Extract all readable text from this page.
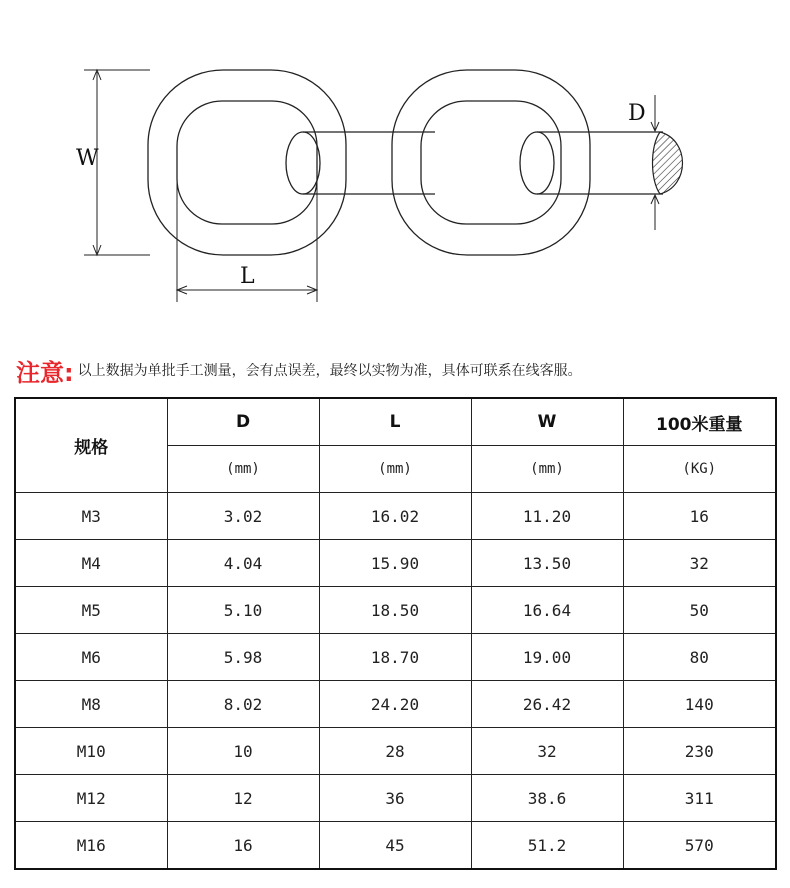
W
L
D
注意: 以上数据为单批手工测量，会有点误差，最终以实物为准，具体可联系在线客服。
规格	D	L	W	100米重量
	(mm)	(mm)	(mm)	(KG)
M3	3.02	16.02	11.20	16
M4	4.04	15.90	13.50	32
M5	5.10	18.50	16.64	50
M6	5.98	18.70	19.00	80
M8	8.02	24.20	26.42	140
M10	10	28	32	230
M12	12	36	38.6	311
M16	16	45	51.2	570
